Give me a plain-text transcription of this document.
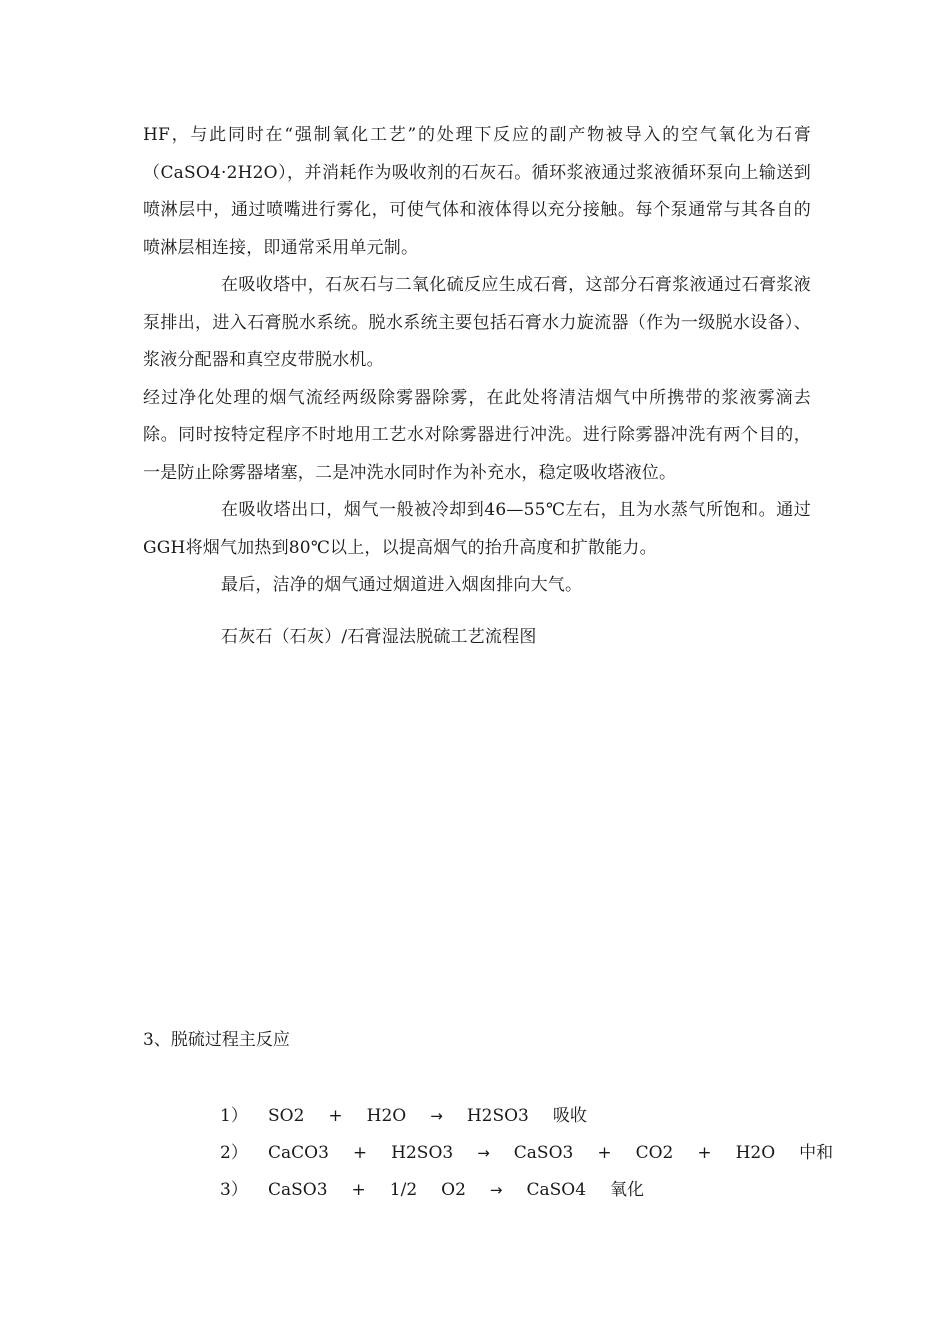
HF，与此同时在“强制氧化工艺”的处理下反应的副产物被导入的空气氧化为石膏（CaSO4·2H2O），并消耗作为吸收剂的石灰石。循环浆液通过浆液循环泵向上输送到喷淋层中，通过喷嘴进行雾化，可使气体和液体得以充分接触。每个泵通常与其各自的喷淋层相连接，即通常采用单元制。

在吸收塔中，石灰石与二氧化硫反应生成石膏，这部分石膏浆液通过石膏浆液泵排出，进入石膏脱水系统。脱水系统主要包括石膏水力旋流器（作为一级脱水设备）、浆液分配器和真空皮带脱水机。

经过净化处理的烟气流经两级除雾器除雾，在此处将清洁烟气中所携带的浆液雾滴去除。同时按特定程序不时地用工艺水对除雾器进行冲洗。进行除雾器冲洗有两个目的，一是防止除雾器堵塞，二是冲洗水同时作为补充水，稳定吸收塔液位。

在吸收塔出口，烟气一般被冷却到46—55℃左右，且为水蒸气所饱和。通过GGH将烟气加热到80℃以上，以提高烟气的抬升高度和扩散能力。

最后，洁净的烟气通过烟道进入烟囱排向大气。

石灰石（石灰）/石膏湿法脱硫工艺流程图

3、脱硫过程主反应

1）	SO2 + H2O → H2SO3 吸收
2）	CaCO3 + H2SO3 → CaSO3 + CO2 + H2O 中和
3）	CaSO3 + 1/2 O2 → CaSO4 氧化
